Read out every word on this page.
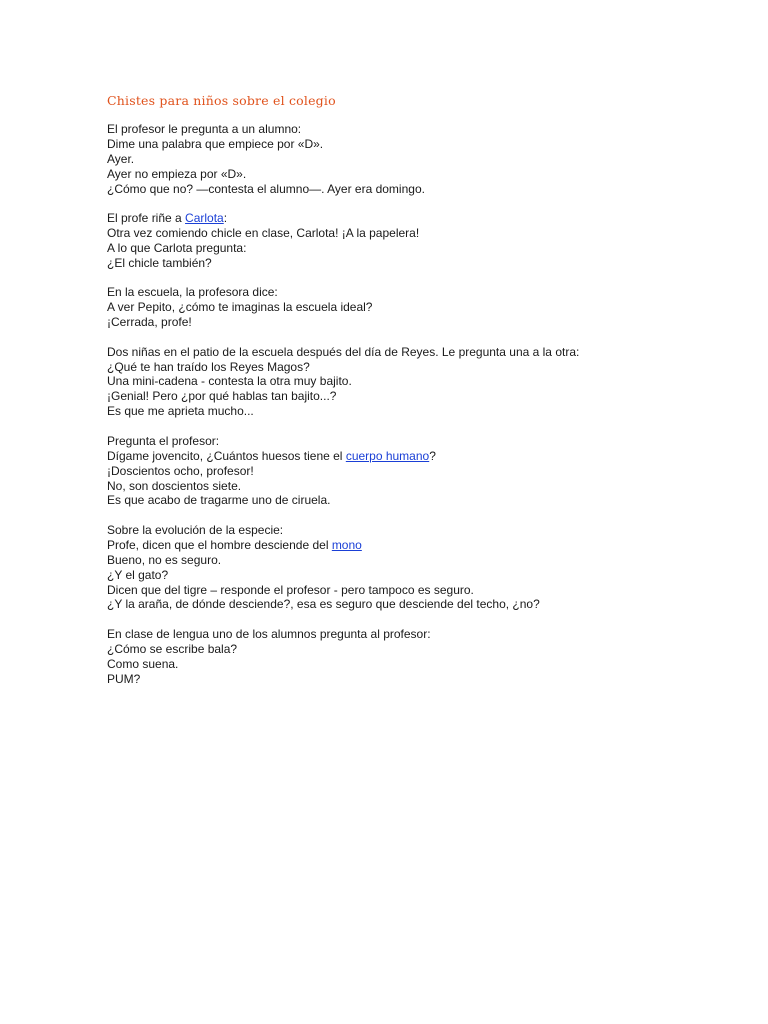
Chistes para niños sobre el colegio
El profesor le pregunta a un alumno:
Dime una palabra que empiece por «D».
Ayer.
Ayer no empieza por «D».
¿Cómo que no? —contesta el alumno—. Ayer era domingo.
El profe riñe a Carlota:
Otra vez comiendo chicle en clase, Carlota! ¡A la papelera!
A lo que Carlota pregunta:
¿El chicle también?
En la escuela, la profesora dice:
A ver Pepito, ¿cómo te imaginas la escuela ideal?
¡Cerrada, profe!
Dos niñas en el patio de la escuela después del día de Reyes. Le pregunta una a la otra:
¿Qué te han traído los Reyes Magos?
Una mini-cadena - contesta la otra muy bajito.
¡Genial! Pero ¿por qué hablas tan bajito...?
Es que me aprieta mucho...
Pregunta el profesor:
Dígame jovencito, ¿Cuántos huesos tiene el cuerpo humano?
¡Doscientos ocho, profesor!
No, son doscientos siete.
Es que acabo de tragarme uno de ciruela.
Sobre la evolución de la especie:
Profe, dicen que el hombre desciende del mono
Bueno, no es seguro.
¿Y el gato?
Dicen que del tigre – responde el profesor - pero tampoco es seguro.
¿Y la araña, de dónde desciende?, esa es seguro que desciende del techo, ¿no?
En clase de lengua uno de los alumnos pregunta al profesor:
¿Cómo se escribe bala?
Como suena.
PUM?
